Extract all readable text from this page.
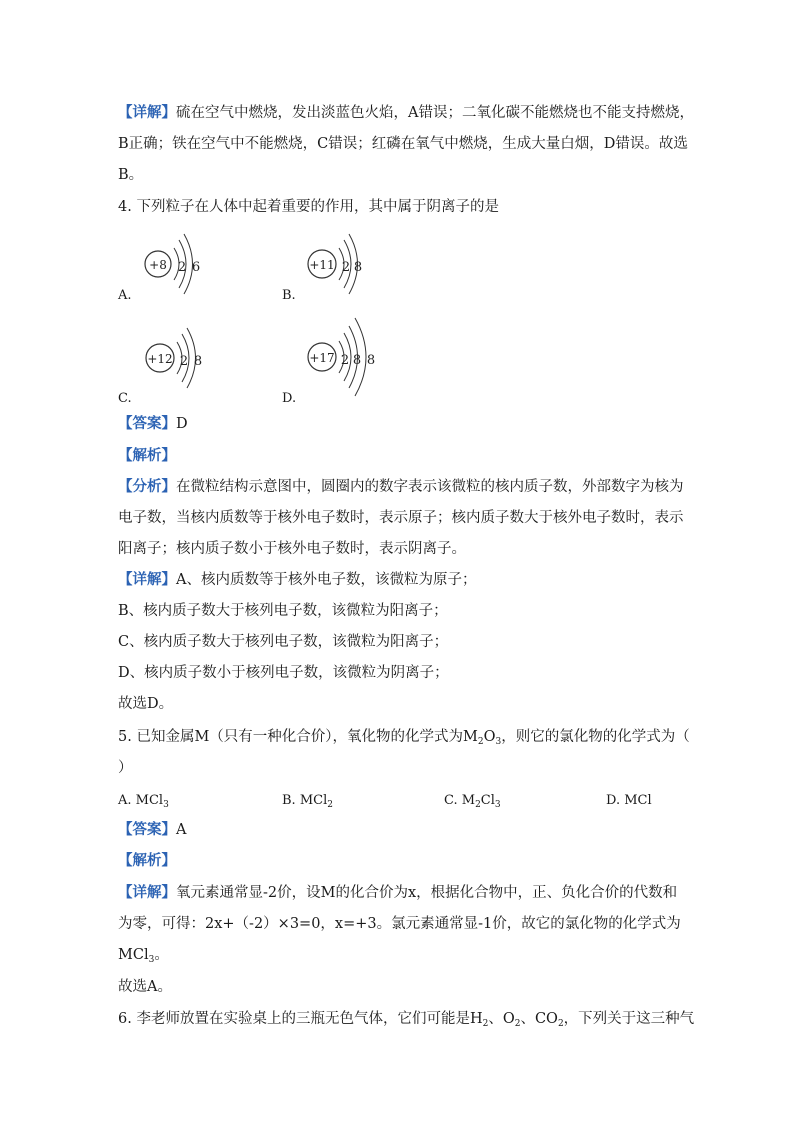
【详解】硫在空气中燃烧，发出淡蓝色火焰，A错误；二氧化碳不能燃烧也不能支持燃烧，

B正确；铁在空气中不能燃烧，C错误；红磷在氧气中燃烧，生成大量白烟，D错误。故选

B。

4. 下列粒子在人体中起着重要的作用，其中属于阴离子的是

+8 2 6
A.
+11 2 8
B.
+12 2 8
C.
+17 2 8 8
D.

【答案】D

【解析】

【分析】在微粒结构示意图中，圆圈内的数字表示该微粒的核内质子数，外部数字为核为

电子数，当核内质数等于核外电子数时，表示原子；核内质子数大于核外电子数时，表示

阳离子；核内质子数小于核外电子数时，表示阴离子。

【详解】A、核内质数等于核外电子数，该微粒为原子；

B、核内质子数大于核列电子数，该微粒为阳离子；

C、核内质子数大于核列电子数，该微粒为阳离子；

D、核内质子数小于核列电子数，该微粒为阴离子；

故选D。

5. 已知金属M（只有一种化合价），氧化物的化学式为$M_2O_3$，则它的氯化物的化学式为（

）

A. MCl$_3$	B. MCl$_2$	C. $M_2Cl_3$	D. MCl

【答案】A

【解析】

【详解】氧元素通常显-2价，设M的化合价为x，根据化合物中，正、负化合价的代数和

为零，可得：2x+（-2）×3=0，x=+3。氯元素通常显-1价，故它的氯化物的化学式为

MCl$_3$。

故选A。

6. 李老师放置在实验桌上的三瓶无色气体，它们可能是$H_2$、$O_2$、$CO_2$，下列关于这三种气
